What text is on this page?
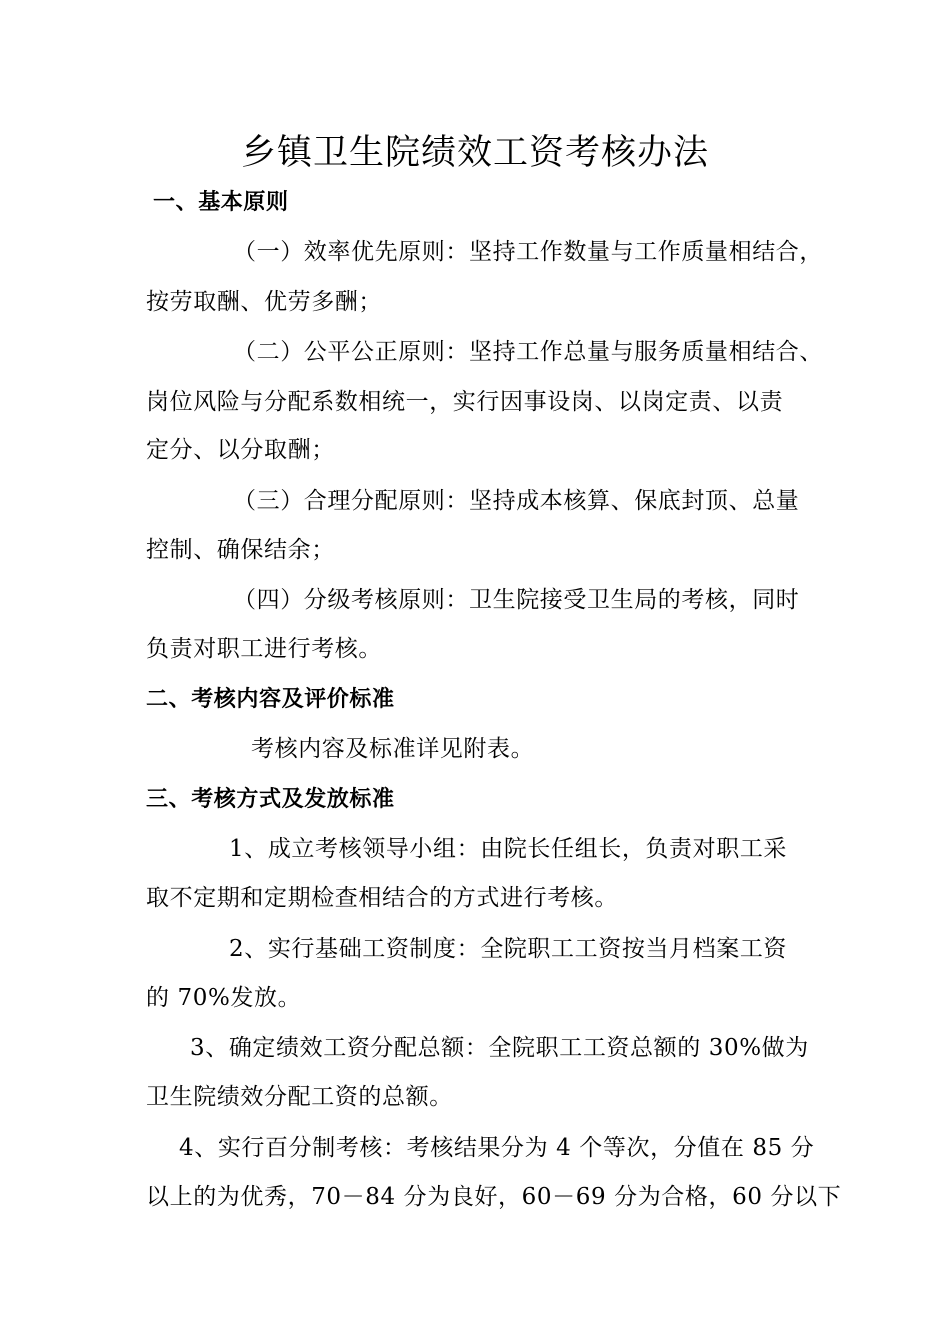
乡镇卫生院绩效工资考核办法
一、基本原则
（一）效率优先原则：坚持工作数量与工作质量相结合，
按劳取酬、优劳多酬；
（二）公平公正原则：坚持工作总量与服务质量相结合、
岗位风险与分配系数相统一，实行因事设岗、以岗定责、以责
定分、以分取酬；
（三）合理分配原则：坚持成本核算、保底封顶、总量
控制、确保结余；
（四）分级考核原则：卫生院接受卫生局的考核，同时
负责对职工进行考核。
二、考核内容及评价标准
考核内容及标准详见附表。
三、考核方式及发放标准
1、成立考核领导小组：由院长任组长，负责对职工采
取不定期和定期检查相结合的方式进行考核。
2、实行基础工资制度：全院职工工资按当月档案工资
的 70%发放。
3、确定绩效工资分配总额：全院职工工资总额的 30%做为
卫生院绩效分配工资的总额。
4、实行百分制考核：考核结果分为 4 个等次，分值在 85 分
以上的为优秀，70－84 分为良好，60－69 分为合格，60 分以下
